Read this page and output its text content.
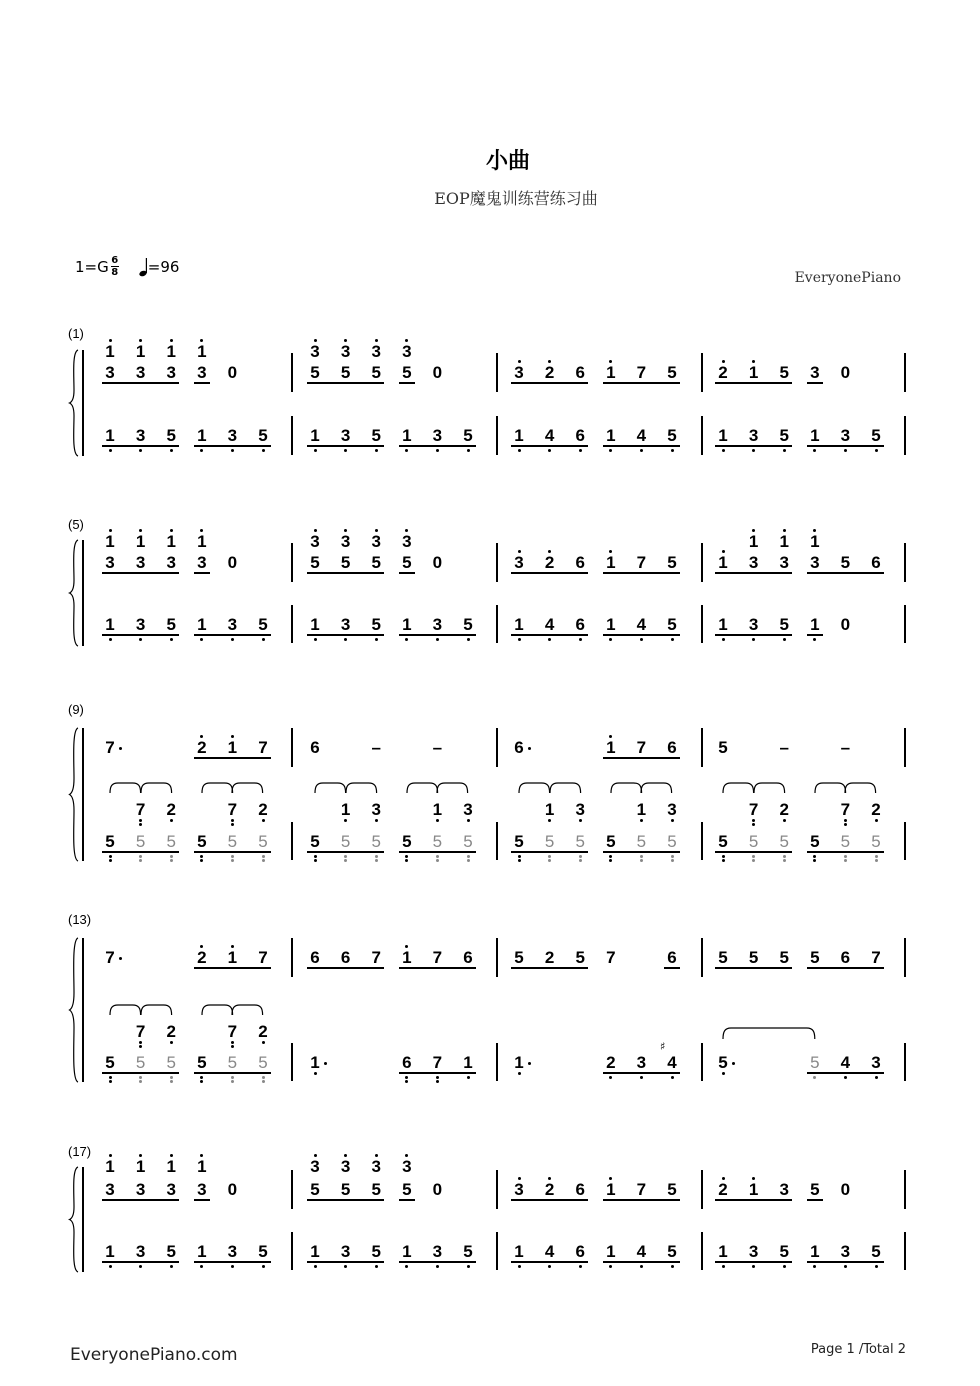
小曲
EOP魔鬼训练营练习曲
$1=G \frac{6}{8} =96$
EveryonePiano
(1)
1	1	1	1
3	3	3	3	0
1	3	5	1	3	5
3	3	3	3
5	5	5	5	0
1	3	5	1	3	5
3	2	6	1	7	5
1	4	6	1	4	5
2	1	5	3	0
1	3	5	1	3	5
(5)
1	1	1	1
3	3	3	3	0
1	3	5	1	3	5
3	3	3	3
5	5	5	5	0
1	3	5	1	3	5
3	2	6	1	7	5
1	4	6	1	4	5
1	1	1
1	3	3	3	5	6
1	3	5	1	0
(9)
7	2	1	7
7	2	7	2
5	5	5	5	5	5
6	–	–
1	3	1	3
5	5	5	5	5	5
6	1	7	6
1	3	1	3
5	5	5	5	5	5
5	–	–
7	2	7	2
5	5	5	5	5	5
(13)
7	2	1	7
7	2	7	2
5	5	5	5	5	5
6	6	7	1	7	6
1	6	7	1
5	2	5	7	6
1	2	3	4
♯
5	5	5	5	6	7
5	5	4	3
(17)
1	1	1	1
3	3	3	3	0
1	3	5	1	3	5
3	3	3	3
5	5	5	5	0
1	3	5	1	3	5
3	2	6	1	7	5
1	4	6	1	4	5
2	1	3	5	0
1	3	5	1	3	5
EveryonePiano.com	Page 1 /Total 2
